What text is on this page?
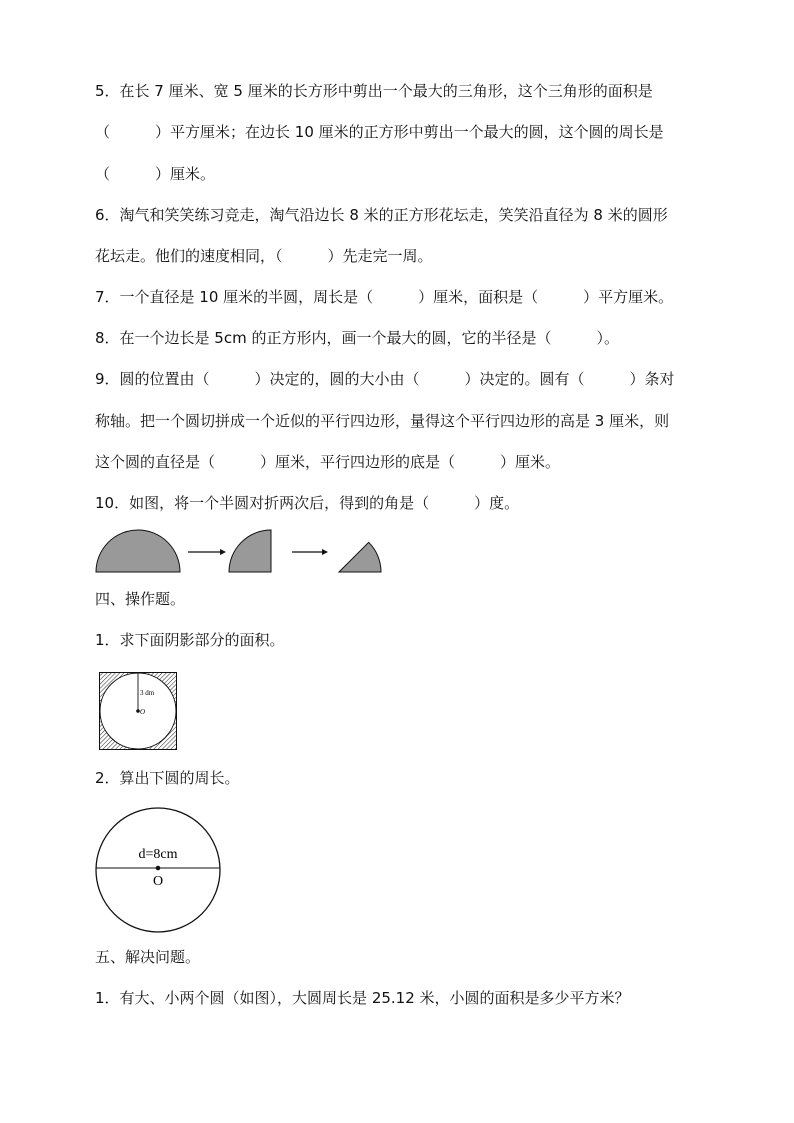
5．在长 7 厘米、宽 5 厘米的长方形中剪出一个最大的三角形，这个三角形的面积是
（　　　）平方厘米；在边长 10 厘米的正方形中剪出一个最大的圆，这个圆的周长是
（　　　）厘米。
6．淘气和笑笑练习竞走，淘气沿边长 8 米的正方形花坛走，笑笑沿直径为 8 米的圆形
花坛走。他们的速度相同，（　　　）先走完一周。
7．一个直径是 10 厘米的半圆，周长是（　　　）厘米，面积是（　　　）平方厘米。
8．在一个边长是 5cm 的正方形内，画一个最大的圆，它的半径是（　　　）。
9．圆的位置由（　　　）决定的，圆的大小由（　　　）决定的。圆有（　　　）条对
称轴。把一个圆切拼成一个近似的平行四边形，量得这个平行四边形的高是 3 厘米，则
这个圆的直径是（　　　）厘米，平行四边形的底是（　　　）厘米。
10．如图，将一个半圆对折两次后，得到的角是（　　　）度。
四、操作题。
1．求下面阴影部分的面积。
3 dm
O
2．算出下圆的周长。
d=8cm
O
五、解决问题。
1．有大、小两个圆（如图），大圆周长是 25.12 米，小圆的面积是多少平方米？
